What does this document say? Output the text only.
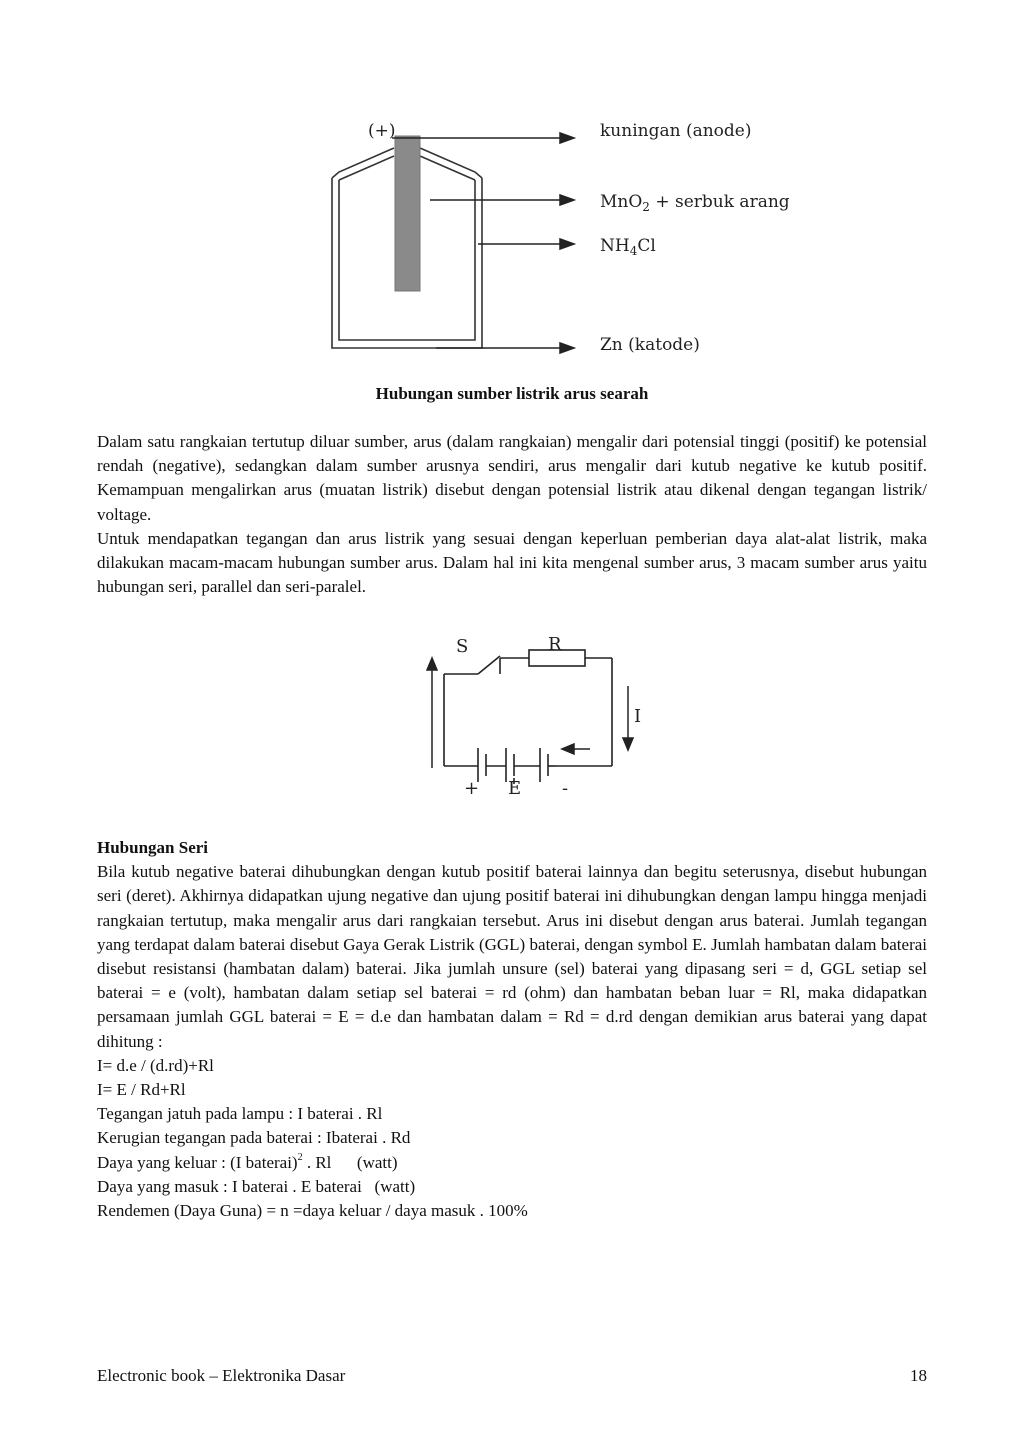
(+)	kuningan (anode)
MnO$_2$ + serbuk arang
$NH_4Cl$
Zn (katode)
Hubungan sumber listrik arus searah

Dalam satu rangkaian tertutup diluar sumber, arus (dalam rangkaian) mengalir dari potensial tinggi (positif) ke potensial rendah (negative), sedangkan dalam sumber arusnya sendiri, arus mengalir dari kutub negative ke kutub positif. Kemampuan mengalirkan arus (muatan listrik) disebut dengan potensial listrik atau dikenal dengan tegangan listrik/ voltage.

Untuk mendapatkan tegangan dan arus listrik yang sesuai dengan keperluan pemberian daya alat-alat listrik, maka dilakukan macam-macam hubungan sumber arus. Dalam hal ini kita mengenal sumber arus, 3 macam sumber arus yaitu hubungan seri, parallel dan seri-paralel.

S	R
I
+ E -

Hubungan Seri

Bila kutub negative baterai dihubungkan dengan kutub positif baterai lainnya dan begitu seterusnya, disebut hubungan seri (deret). Akhirnya didapatkan ujung negative dan ujung positif baterai ini dihubungkan dengan lampu hingga menjadi rangkaian tertutup, maka mengalir arus dari rangkaian tersebut. Arus ini disebut dengan arus baterai. Jumlah tegangan yang terdapat dalam baterai disebut Gaya Gerak Listrik (GGL) baterai, dengan symbol E. Jumlah hambatan dalam baterai disebut resistansi (hambatan dalam) baterai. Jika jumlah unsure (sel) baterai yang dipasang seri = d, GGL setiap sel baterai = e (volt), hambatan dalam setiap sel baterai = rd (ohm) dan hambatan beban luar = Rl, maka didapatkan persamaan jumlah GGL baterai = E = d.e dan hambatan dalam = Rd = d.rd dengan demikian arus baterai yang dapat dihitung :

I= d.e / (d.rd)+Rl

I= E / Rd+Rl

Tegangan jatuh pada lampu : I baterai . Rl

Kerugian tegangan pada baterai : Ibaterai . Rd

Daya yang keluar : (I baterai)$^2$ . Rl      (watt)

Daya yang masuk : I baterai . E baterai   (watt)

Rendemen (Daya Guna) = n =daya keluar / daya masuk . 100%

Electronic book – Elektronika Dasar	18
